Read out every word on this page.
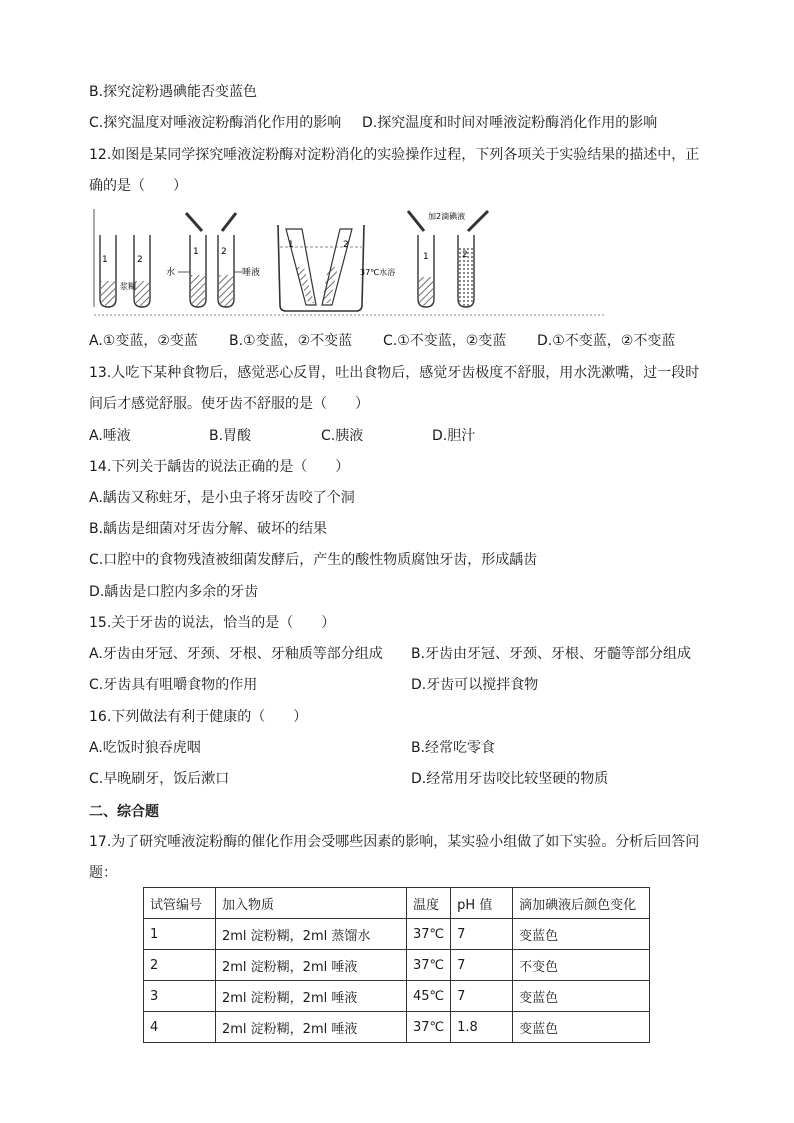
B.探究淀粉遇碘能否变蓝色
C.探究温度对唾液淀粉酶消化作用的影响 D.探究温度和时间对唾液淀粉酶消化作用的影响
12.如图是某同学探究唾液淀粉酶对淀粉消化的实验操作过程，下列各项关于实验结果的描述中，正
确的是（　　）
1	2
浆糊
1 2
水	唾液
1	2
37℃水浴
1	2
加2滴碘液
A.①变蓝，②变蓝 B.①变蓝，②不变蓝 C.①不变蓝，②变蓝 D.①不变蓝，②不变蓝
13.人吃下某种食物后，感觉恶心反胃，吐出食物后，感觉牙齿极度不舒服，用水洗漱嘴，过一段时
间后才感觉舒服。使牙齿不舒服的是（　　）
A.唾液	B.胃酸	C.胰液	D.胆汁
14.下列关于龋齿的说法正确的是（　　）
A.龋齿又称蛀牙，是小虫子将牙齿咬了个洞
B.龋齿是细菌对牙齿分解、破坏的结果
C.口腔中的食物残渣被细菌发酵后，产生的酸性物质腐蚀牙齿，形成龋齿
D.龋齿是口腔内多余的牙齿
15.关于牙齿的说法，恰当的是（　　）
A.牙齿由牙冠、牙颈、牙根、牙釉质等部分组成 B.牙齿由牙冠、牙颈、牙根、牙髓等部分组成
C.牙齿具有咀嚼食物的作用	D.牙齿可以搅拌食物
16.下列做法有利于健康的（　　）
A.吃饭时狼吞虎咽	B.经常吃零食
C.早晚刷牙，饭后漱口	D.经常用牙齿咬比较坚硬的物质
二、综合题
17.为了研究唾液淀粉酶的催化作用会受哪些因素的影响，某实验小组做了如下实验。分析后回答问
题：
试管编号	加入物质	温度	pH 值	滴加碘液后颜色变化
1	2ml 淀粉糊，2ml 蒸馏水	37℃	7	变蓝色
2	2ml 淀粉糊，2ml 唾液	37℃	7	不变色
3	2ml 淀粉糊，2ml 唾液	45℃	7	变蓝色
4	2ml 淀粉糊，2ml 唾液	37℃	1.8	变蓝色
